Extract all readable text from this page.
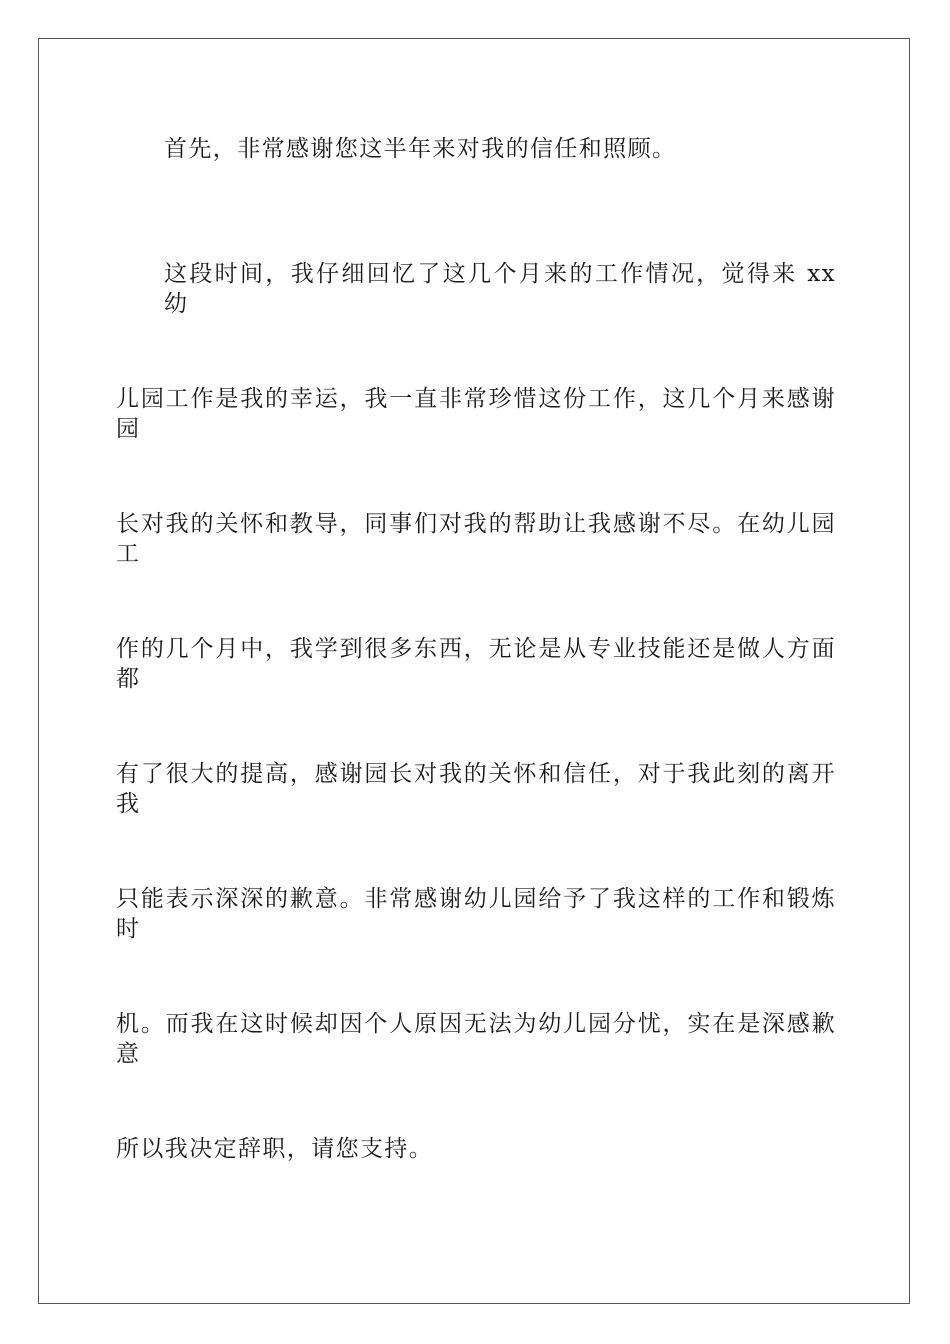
首先，非常感谢您这半年来对我的信任和照顾。
这段时间，我仔细回忆了这几个月来的工作情况，觉得来 xx 幼
儿园工作是我的幸运，我一直非常珍惜这份工作，这几个月来感谢园
长对我的关怀和教导，同事们对我的帮助让我感谢不尽。在幼儿园工
作的几个月中，我学到很多东西，无论是从专业技能还是做人方面都
有了很大的提高，感谢园长对我的关怀和信任，对于我此刻的离开我
只能表示深深的歉意。非常感谢幼儿园给予了我这样的工作和锻炼时
机。而我在这时候却因个人原因无法为幼儿园分忧，实在是深感歉意
所以我决定辞职，请您支持。
